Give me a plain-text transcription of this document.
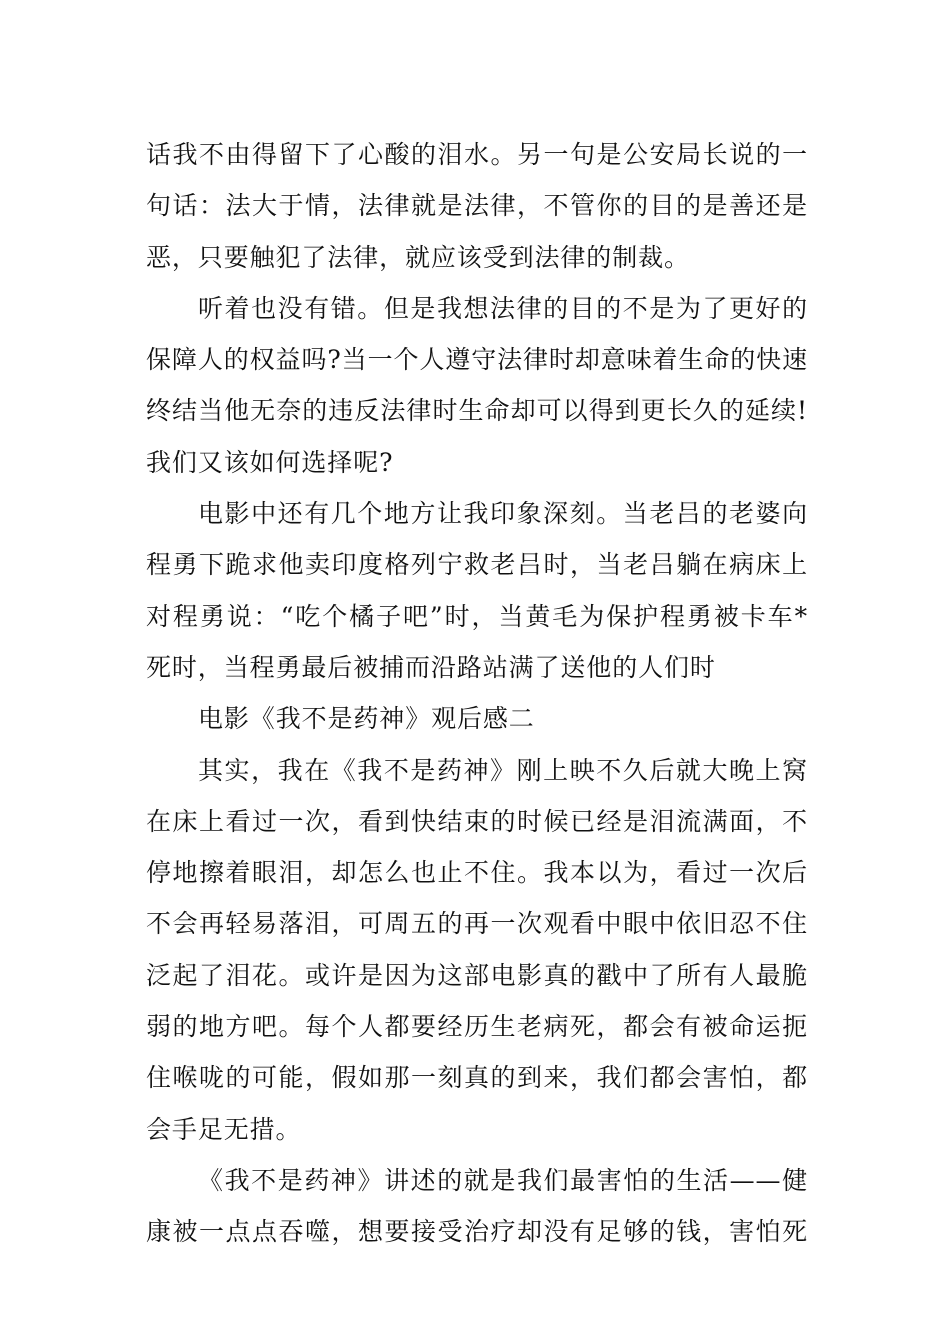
话我不由得留下了心酸的泪水。另一句是公安局长说的一
句话：法大于情，法律就是法律，不管你的目的是善还是
恶，只要触犯了法律，就应该受到法律的制裁。
听着也没有错。但是我想法律的目的不是为了更好的
保障人的权益吗?当一个人遵守法律时却意味着生命的快速
终结当他无奈的违反法律时生命却可以得到更长久的延续!
我们又该如何选择呢?
电影中还有几个地方让我印象深刻。当老吕的老婆向
程勇下跪求他卖印度格列宁救老吕时，当老吕躺在病床上
对程勇说：“吃个橘子吧”时，当黄毛为保护程勇被卡车*
死时，当程勇最后被捕而沿路站满了送他的人们时
电影《我不是药神》观后感二
其实，我在《我不是药神》刚上映不久后就大晚上窝
在床上看过一次，看到快结束的时候已经是泪流满面，不
停地擦着眼泪，却怎么也止不住。我本以为，看过一次后
不会再轻易落泪，可周五的再一次观看中眼中依旧忍不住
泛起了泪花。或许是因为这部电影真的戳中了所有人最脆
弱的地方吧。每个人都要经历生老病死，都会有被命运扼
住喉咙的可能，假如那一刻真的到来，我们都会害怕，都
会手足无措。
《我不是药神》讲述的就是我们最害怕的生活——健
康被一点点吞噬，想要接受治疗却没有足够的钱，害怕死
